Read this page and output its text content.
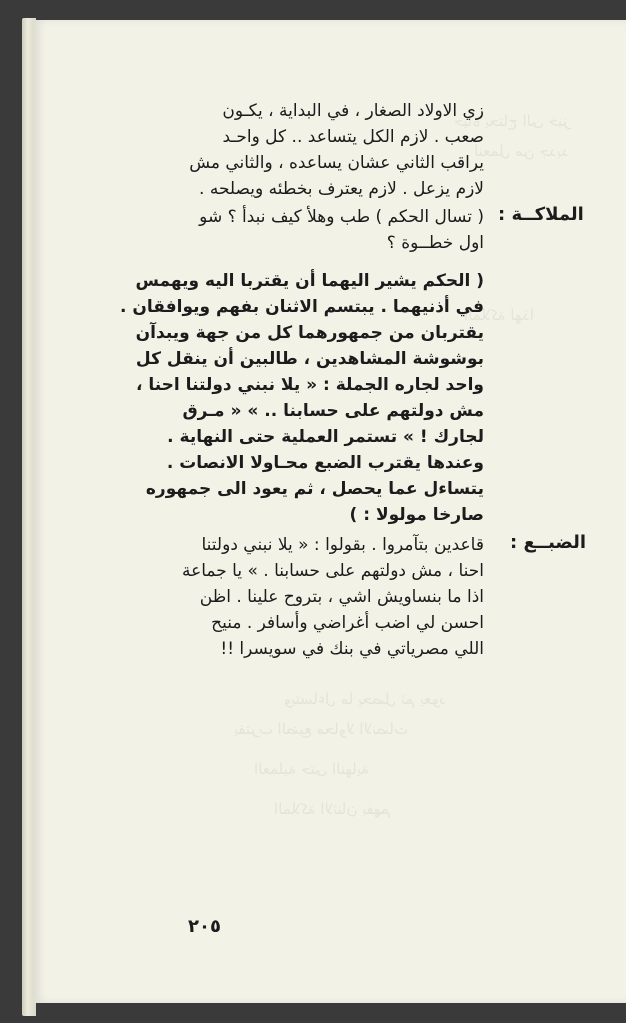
حياة يحتاج الى خبز
لنعمل من جديد
الملاكة لهذا
ويتساءل ما يحصل ثم يعود
يقترب الضبع محاولا الانصات
العملية حتى النهاية
الملاكة الاثنان بفهم
زي الاولاد الصغار ، في البداية ، يكـون
صعب . لازم الكل يتساعد .. كل واحـد
يراقب الثاني عشان يساعده ، والثاني مش
لازم يزعل . لازم يعترف بخطئه ويصلحه .
الملاكــة :
( تسال الحكم ) طب وهلأ كيف نبدأ ؟ شو
اول خطــوة ؟
( الحكم يشير اليهما أن يقتربا اليه ويهمس
في أذنيهما . يبتسم الاثنان بفهم ويوافقان .
يقتربان من جمهورهما كل من جهة ويبدآن
بوشوشة المشاهدين ، طالبين أن ينقل كل
واحد لجاره الجملة : « يلا نبني دولتنا احنا ،
مش دولتهم على حسابنا .. » « مـرق
لجارك ! » تستمر العملية حتى النهاية .
وعندها يقترب الضبع محـاولا الانصات .
يتساءل عما يحصل ، ثم يعود الى جمهوره
صارخا مولولا : )
الضبــع :
قاعدين بتآمروا . بقولوا : « يلا نبني دولتنا
احنا ، مش دولتهم على حسابنا . » يا جماعة
اذا ما بنساويش اشي ، بتروح علينا . اظن
احسن لي اضب أغراضي وأسافر . منيح
اللي مصرياتي في بنك في سويسرا !!
٢٠٥
